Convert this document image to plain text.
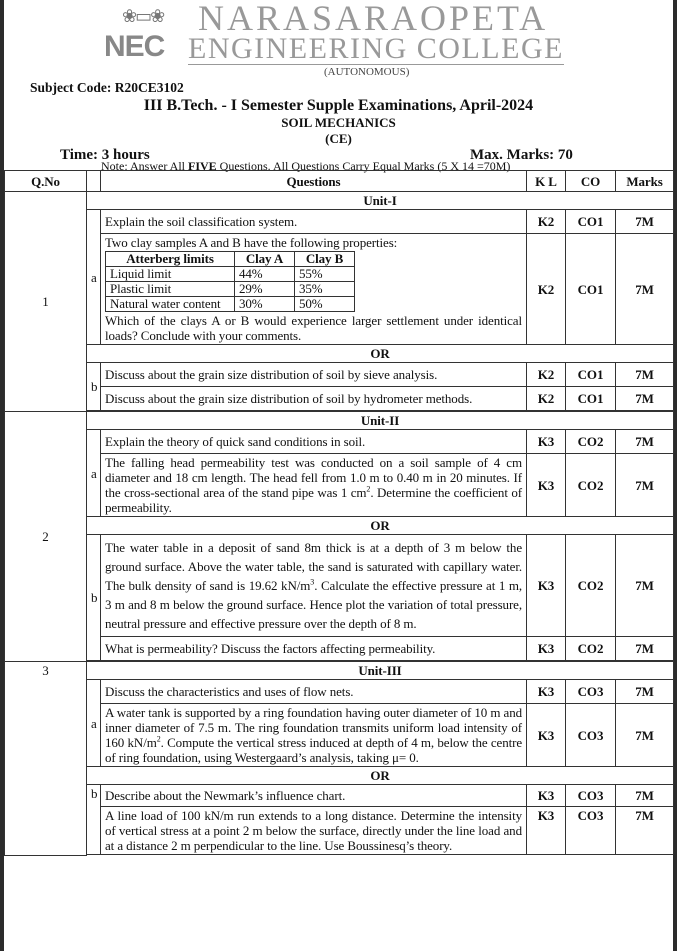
❀▭❀
NEC
NARASARAOPETA
ENGINEERING COLLEGE
(AUTONOMOUS)
Subject Code: R20CE3102
III B.Tech. - I Semester Supple Examinations, April-2024
SOIL MECHANICS
(CE)
Time: 3 hours	Max. Marks: 70
Note: Answer All FIVE Questions. All Questions Carry Equal Marks (5 X 14 =70M)
Q.No		Questions	K L	CO	Marks
1	Unit-I
a	Explain the soil classification system.	K2	CO1	7M

Two clay samples A and B have the following properties:
Atterberg limits	Clay A	Clay B
Liquid limit	44%	55%
Plastic limit	29%	35%
Natural water content	30%	50%
Which of the clays A or B would experience larger settlement under identical loads? Conclude with your comments.
	K2	CO1	7M
OR
b	Discuss about the grain size distribution of soil by sieve analysis.	K2	CO1	7M
Discuss about the grain size distribution of soil by hydrometer methods.	K2	CO1	7M

2	Unit-II
a	Explain the theory of quick sand conditions in soil.	K3	CO2	7M
The falling head permeability test was conducted on a soil sample of 4 cm diameter and 18 cm length. The head fell from 1.0 m to 0.40 m in 20 minutes. If the cross-sectional area of the stand pipe was 1 $cm^2$. Determine the coefficient of permeability.	K3	CO2	7M
OR
b	The water table in a deposit of sand 8m thick is at a depth of 3 m below the ground surface. Above the water table, the sand is saturated with capillary water. The bulk density of sand is 19.62 $kN/m^3$. Calculate the effective pressure at 1 m, 3 m and 8 m below the ground surface. Hence plot the variation of total pressure, neutral pressure and effective pressure over the depth of 8 m.	K3	CO2	7M
What is permeability? Discuss the factors affecting permeability.	K3	CO2	7M

3	Unit-III
a	Discuss the characteristics and uses of flow nets.	K3	CO3	7M
A water tank is supported by a ring foundation having outer diameter of 10 m and inner diameter of 7.5 m. The ring foundation transmits uniform load intensity of 160 $kN/m^2$. Compute the vertical stress induced at depth of 4 m, below the centre of ring foundation, using Westergaard’s analysis, taking μ= 0.	K3	CO3	7M
OR
b	Describe about the Newmark’s influence chart.	K3	CO3	7M
A line load of 100 kN/m run extends to a long distance. Determine the intensity of vertical stress at a point 2 m below the surface, directly under the line load and at a distance 2 m perpendicular to the line. Use Boussinesq’s theory.	K3	CO3	7M
